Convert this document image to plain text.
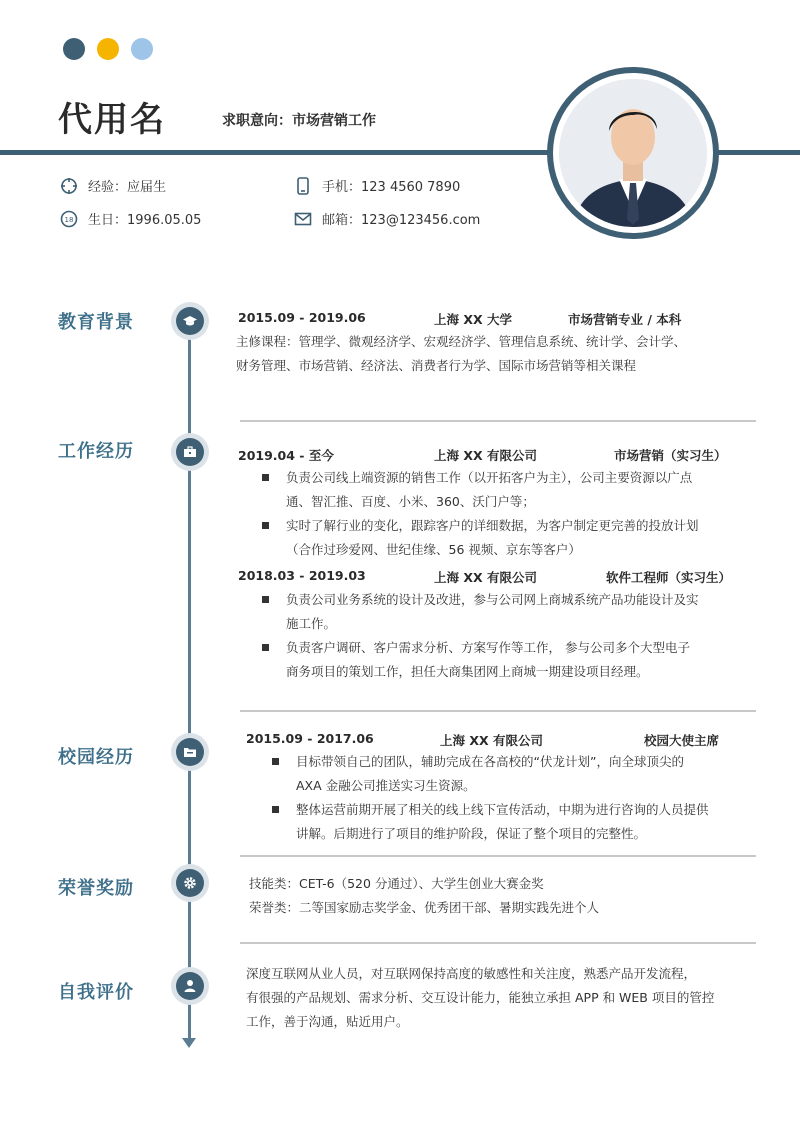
代用名	求职意向：市场营销工作
经验：应届生
18 生日：1996.05.05
手机：123 4560 7890
邮箱：123@123456.com
教育背景
工作经历
校园经历
荣誉奖励
自我评价
2015.09 - 2019.06	上海 XX 大学	市场营销专业 / 本科
主修课程：管理学、微观经济学、宏观经济学、管理信息系统、统计学、会计学、
财务管理、市场营销、经济法、消费者行为学、国际市场营销等相关课程
2019.04 - 至今	上海 XX 有限公司	市场营销（实习生）
负责公司线上端资源的销售工作（以开拓客户为主），公司主要资源以广点
通、智汇推、百度、小米、360、沃门户等；
实时了解行业的变化，跟踪客户的详细数据，为客户制定更完善的投放计划
（合作过珍爱网、世纪佳缘、56 视频、京东等客户）
2018.03 - 2019.03	上海 XX 有限公司	软件工程师（实习生）
负责公司业务系统的设计及改进，参与公司网上商城系统产品功能设计及实
施工作。
负责客户调研、客户需求分析、方案写作等工作， 参与公司多个大型电子
商务项目的策划工作，担任大商集团网上商城一期建设项目经理。
2015.09 - 2017.06	上海 XX 有限公司	校园大使主席
目标带领自己的团队，辅助完成在各高校的“伏龙计划”，向全球顶尖的
AXA 金融公司推送实习生资源。
整体运营前期开展了相关的线上线下宣传活动，中期为进行咨询的人员提供
讲解。后期进行了项目的维护阶段，保证了整个项目的完整性。
技能类：CET-6（520 分通过）、大学生创业大赛金奖
荣誉类：二等国家励志奖学金、优秀团干部、暑期实践先进个人
深度互联网从业人员，对互联网保持高度的敏感性和关注度，熟悉产品开发流程，
有很强的产品规划、需求分析、交互设计能力，能独立承担 APP 和 WEB 项目的管控
工作，善于沟通，贴近用户。
